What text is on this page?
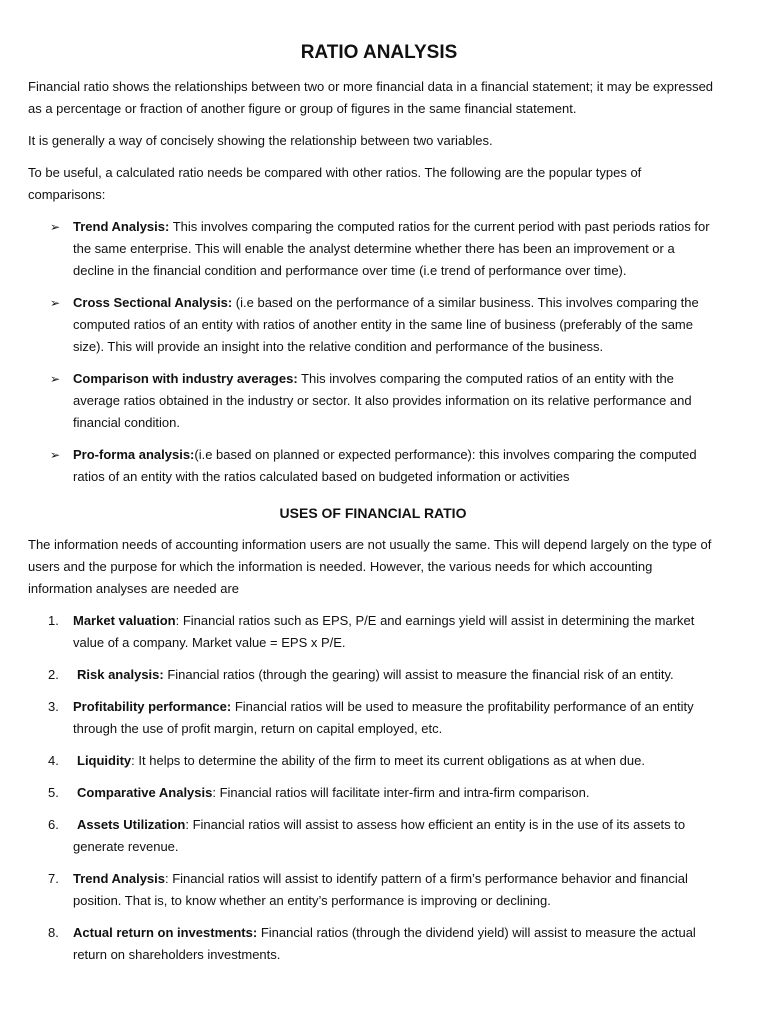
RATIO ANALYSIS

Financial ratio shows the relationships between two or more financial data in a financial statement; it may be expressed as a percentage or fraction of another figure or group of figures in the same financial statement.

It is generally a way of concisely showing the relationship between two variables.

To be useful, a calculated ratio needs be compared with other ratios. The following are the popular types of comparisons:

➢ Trend Analysis: This involves comparing the computed ratios for the current period with past periods ratios for the same enterprise. This will enable the analyst determine whether there has been an improvement or a decline in the financial condition and performance over time (i.e trend of performance over time).
➢ Cross Sectional Analysis: (i.e based on the performance of a similar business. This involves comparing the computed ratios of an entity with ratios of another entity in the same line of business (preferably of the same size). This will provide an insight into the relative condition and performance of the business.
➢ Comparison with industry averages: This involves comparing the computed ratios of an entity with the average ratios obtained in the industry or sector. It also provides information on its relative performance and financial condition.
➢ Pro-forma analysis:(i.e based on planned or expected performance): this involves comparing the computed ratios of an entity with the ratios calculated based on budgeted information or activities
USES OF FINANCIAL RATIO

The information needs of accounting information users are not usually the same. This will depend largely on the type of users and the purpose for which the information is needed. However, the various needs for which accounting information analyses are needed are

1. Market valuation: Financial ratios such as EPS, P/E and earnings yield will assist in determining the market value of a company. Market value = EPS x P/E.
2. Risk analysis: Financial ratios (through the gearing) will assist to measure the financial risk of an entity.
3. Profitability performance: Financial ratios will be used to measure the profitability performance of an entity through the use of profit margin, return on capital employed, etc.
4. Liquidity: It helps to determine the ability of the firm to meet its current obligations as at when due.
5. Comparative Analysis: Financial ratios will facilitate inter-firm and intra-firm comparison.
6. Assets Utilization: Financial ratios will assist to assess how efficient an entity is in the use of its assets to generate revenue.
7. Trend Analysis: Financial ratios will assist to identify pattern of a firm’s performance behavior and financial position. That is, to know whether an entity’s performance is improving or declining.
8. Actual return on investments: Financial ratios (through the dividend yield) will assist to measure the actual return on shareholders investments.
